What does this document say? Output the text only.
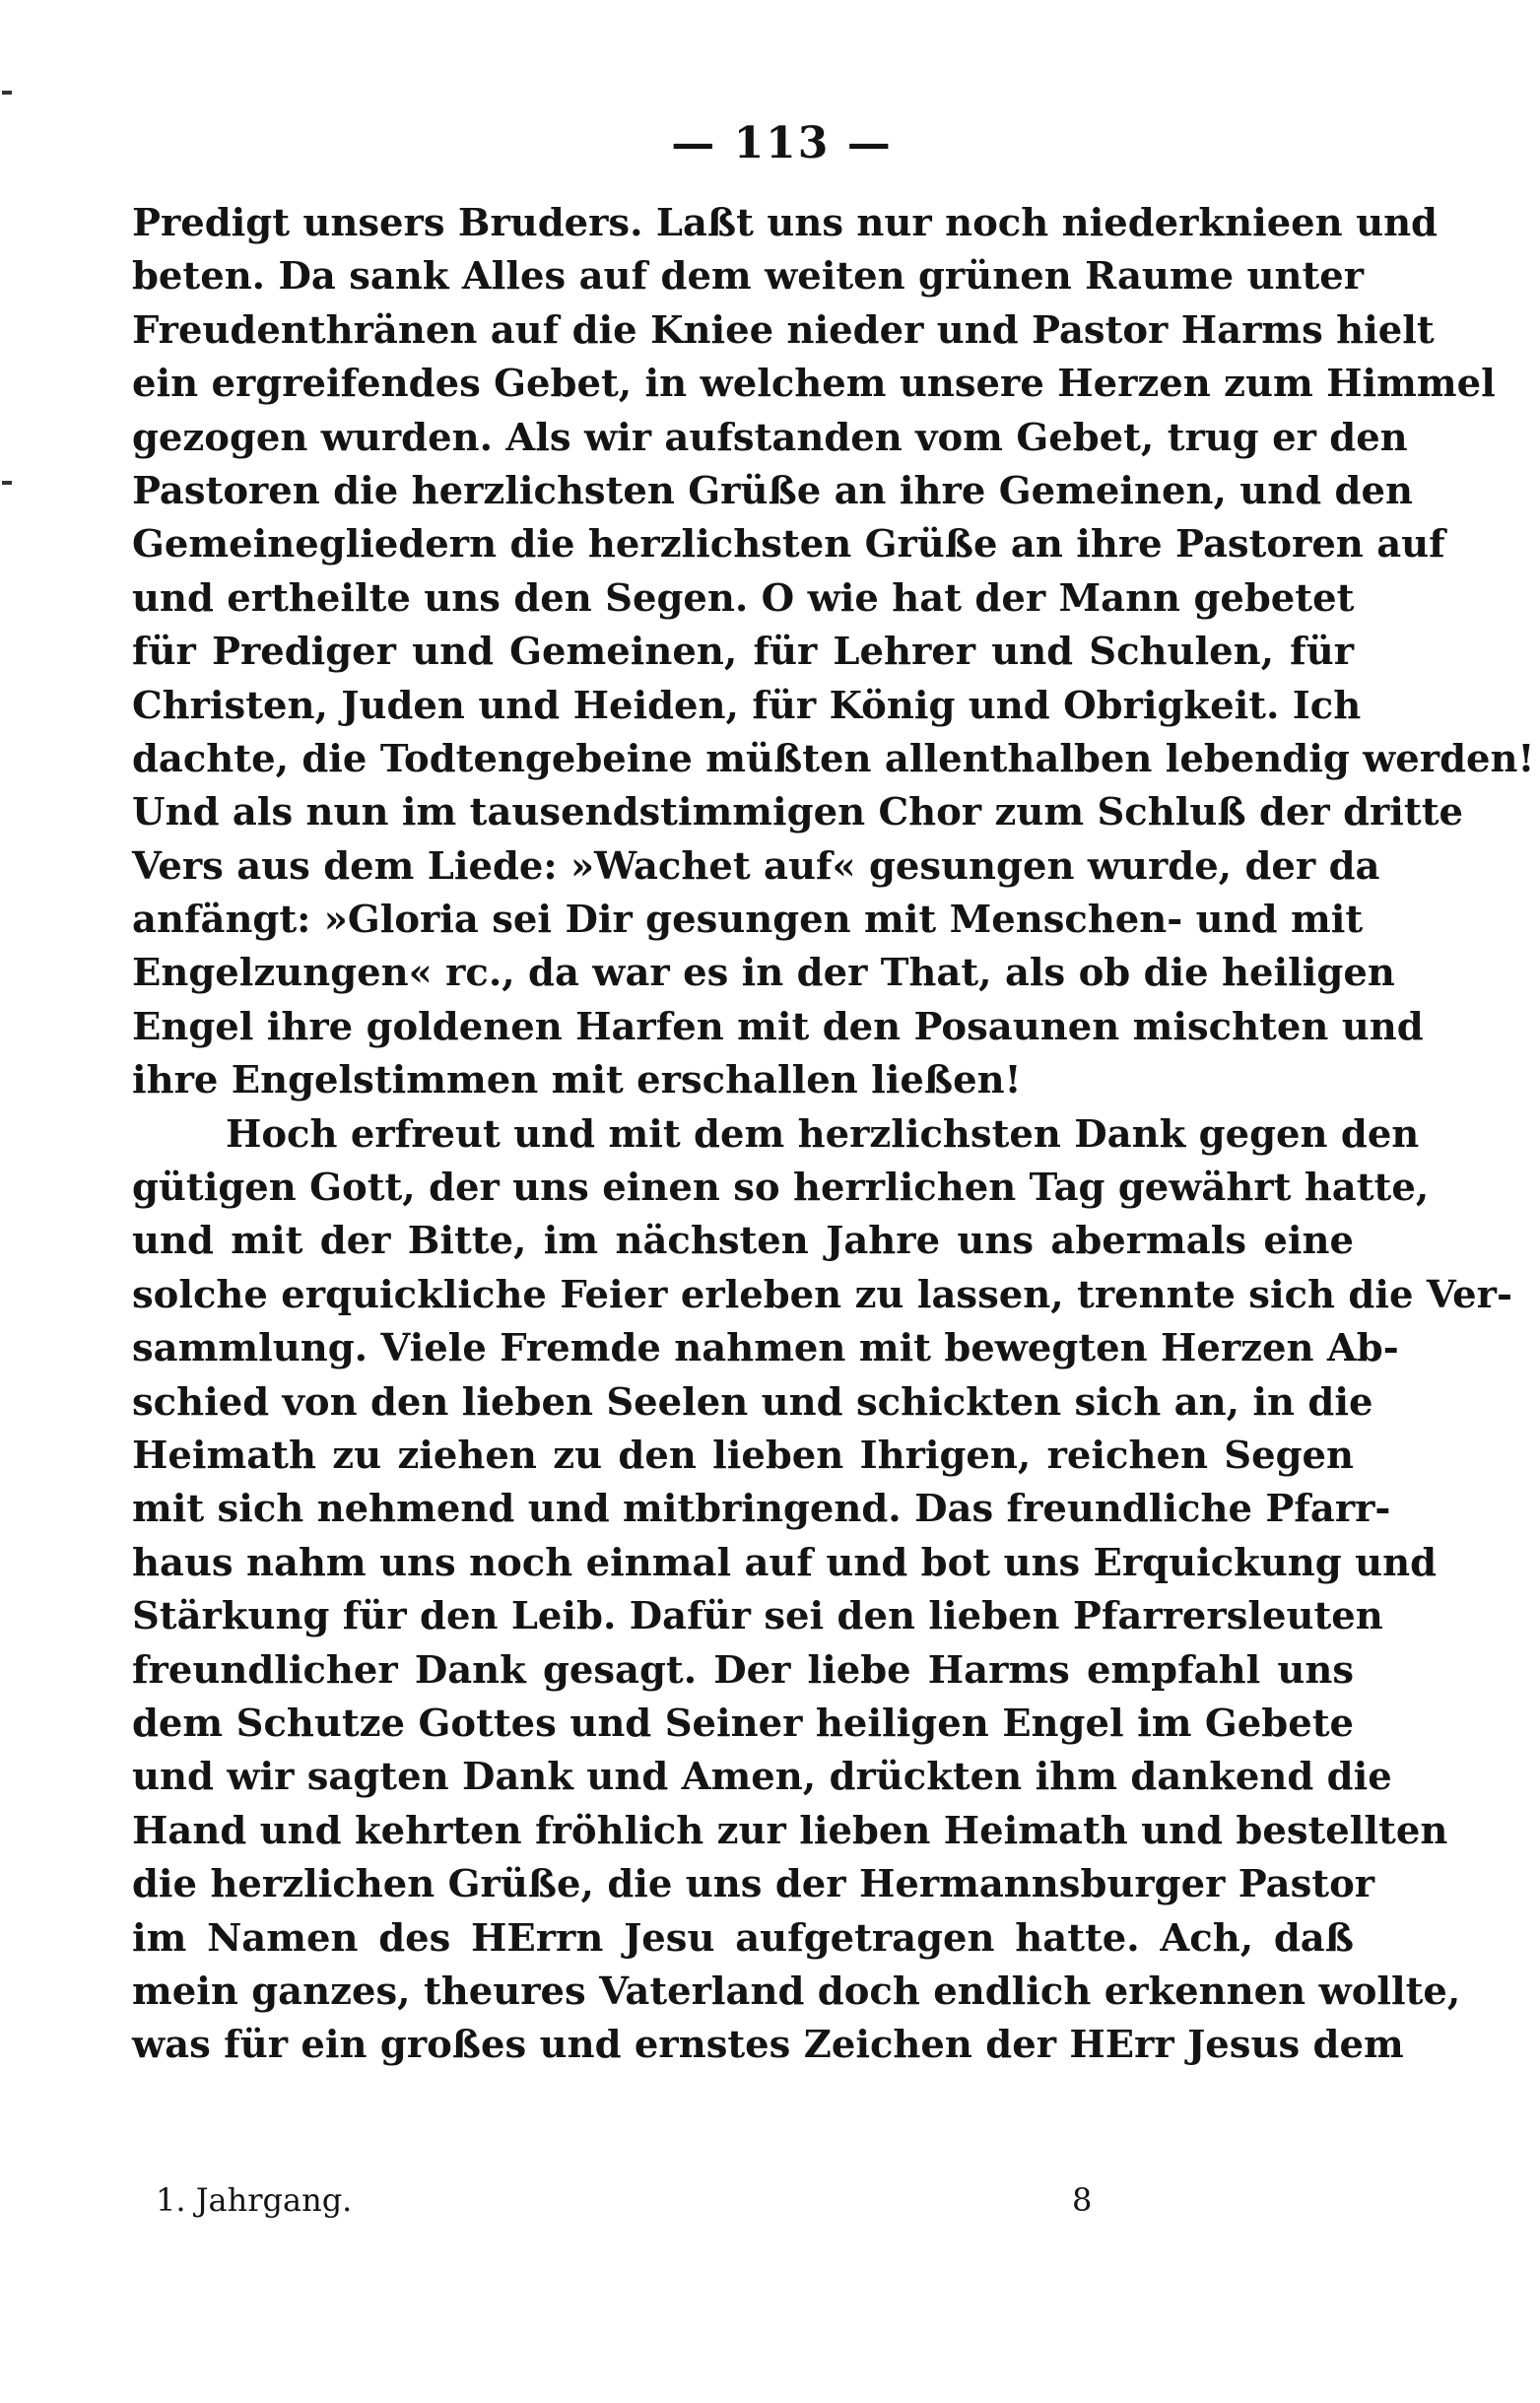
— 113 —
Predigt unsers Bruders. Laßt uns nur noch niederknieen und
beten. Da sank Alles auf dem weiten grünen Raume unter
Freudenthränen auf die Kniee nieder und Pastor Harms hielt
ein ergreifendes Gebet, in welchem unsere Herzen zum Himmel
gezogen wurden. Als wir aufstanden vom Gebet, trug er den
Pastoren die herzlichsten Grüße an ihre Gemeinen, und den
Gemeinegliedern die herzlichsten Grüße an ihre Pastoren auf
und ertheilte uns den Segen. O wie hat der Mann gebetet
für Prediger und Gemeinen, für Lehrer und Schulen, für
Christen, Juden und Heiden, für König und Obrigkeit. Ich
dachte, die Todtengebeine müßten allenthalben lebendig werden!
Und als nun im tausendstimmigen Chor zum Schluß der dritte
Vers aus dem Liede: »Wachet auf« gesungen wurde, der da
anfängt: »Gloria sei Dir gesungen mit Menschen- und mit
Engelzungen« rc., da war es in der That, als ob die heiligen
Engel ihre goldenen Harfen mit den Posaunen mischten und
ihre Engelstimmen mit erschallen ließen!
Hoch erfreut und mit dem herzlichsten Dank gegen den
gütigen Gott, der uns einen so herrlichen Tag gewährt hatte,
und mit der Bitte, im nächsten Jahre uns abermals eine
solche erquickliche Feier erleben zu lassen, trennte sich die Ver-
sammlung. Viele Fremde nahmen mit bewegten Herzen Ab-
schied von den lieben Seelen und schickten sich an, in die
Heimath zu ziehen zu den lieben Ihrigen, reichen Segen
mit sich nehmend und mitbringend. Das freundliche Pfarr-
haus nahm uns noch einmal auf und bot uns Erquickung und
Stärkung für den Leib. Dafür sei den lieben Pfarrersleuten
freundlicher Dank gesagt. Der liebe Harms empfahl uns
dem Schutze Gottes und Seiner heiligen Engel im Gebete
und wir sagten Dank und Amen, drückten ihm dankend die
Hand und kehrten fröhlich zur lieben Heimath und bestellten
die herzlichen Grüße, die uns der Hermannsburger Pastor
im Namen des HErrn Jesu aufgetragen hatte. Ach, daß
mein ganzes, theures Vaterland doch endlich erkennen wollte,
was für ein großes und ernstes Zeichen der HErr Jesus dem
1. Jahrgang.	8
